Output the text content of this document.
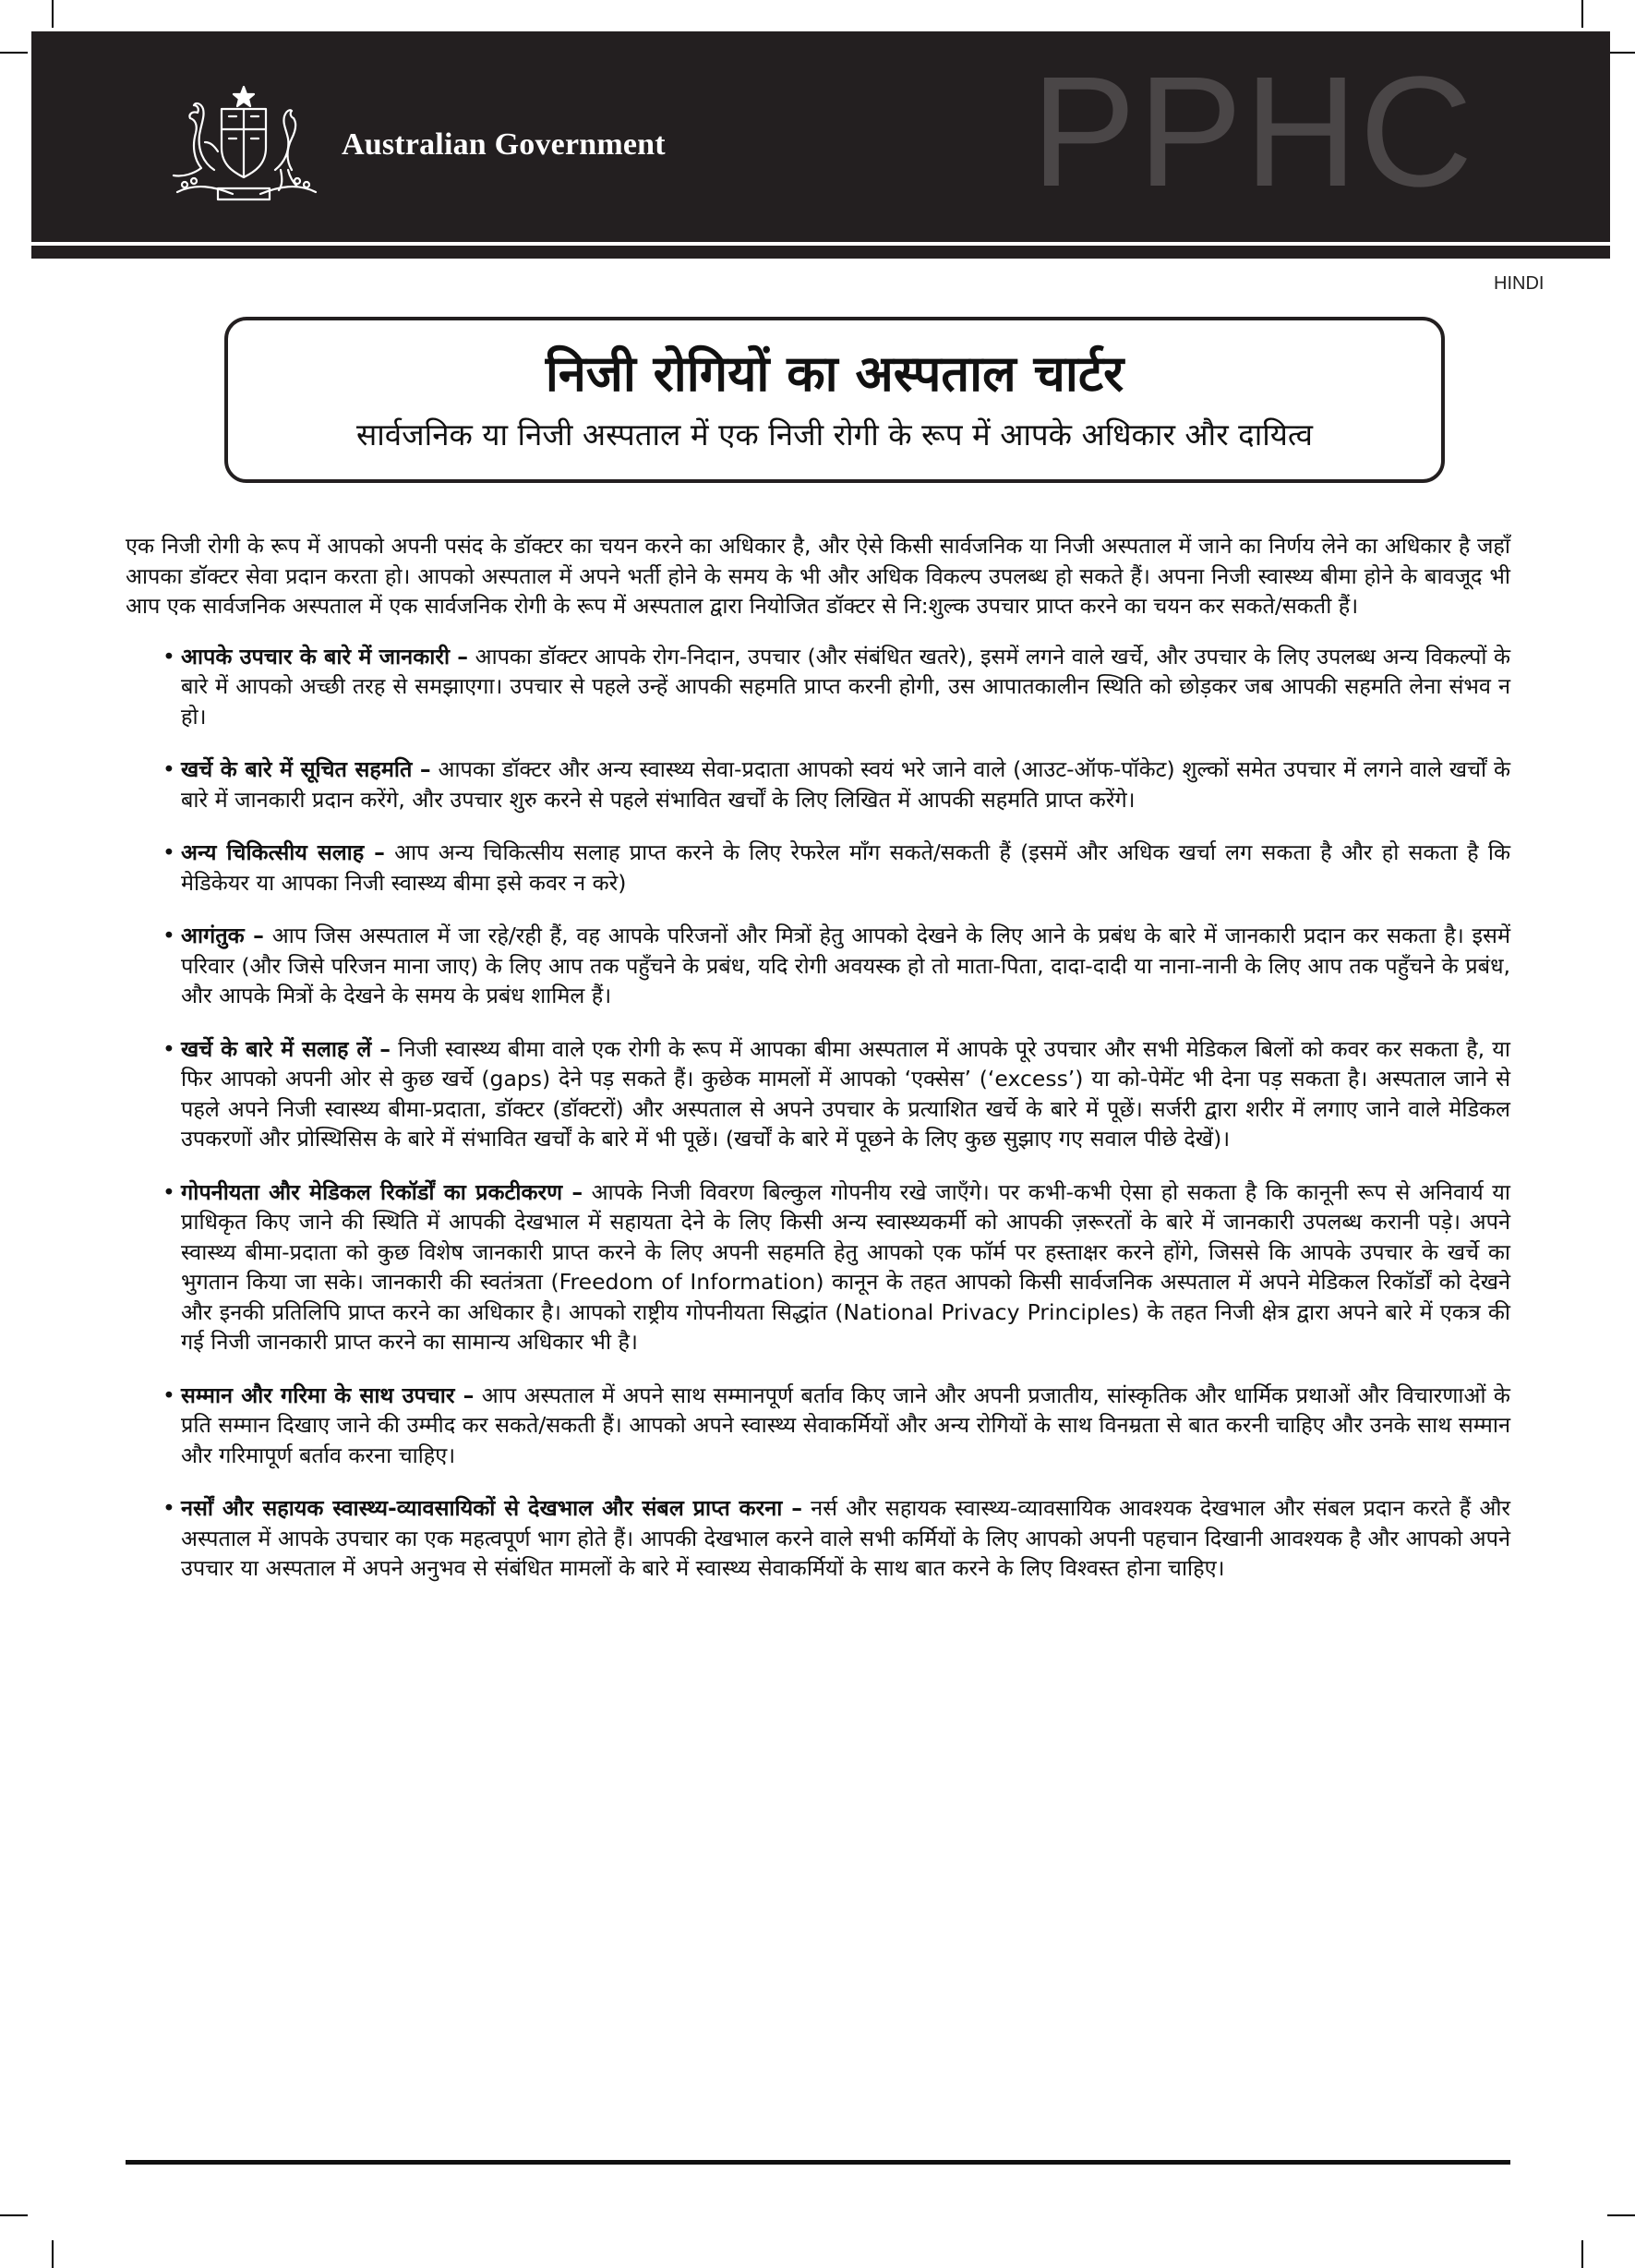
Australian Government PPHC
HINDI
निजी रोगियों का अस्पताल चार्टर
सार्वजनिक या निजी अस्पताल में एक निजी रोगी के रूप में आपके अधिकार और दायित्व

एक निजी रोगी के रूप में आपको अपनी पसंद के डॉक्टर का चयन करने का अधिकार है, और ऐसे किसी सार्वजनिक या निजी अस्पताल में जाने का निर्णय लेने का अधिकार है जहाँ आपका डॉक्टर सेवा प्रदान करता हो। आपको अस्पताल में अपने भर्ती होने के समय के भी और अधिक विकल्प उपलब्ध हो सकते हैं। अपना निजी स्वास्थ्य बीमा होने के बावजूद भी आप एक सार्वजनिक अस्पताल में एक सार्वजनिक रोगी के रूप में अस्पताल द्वारा नियोजित डॉक्टर से नि:शुल्क उपचार प्राप्त करने का चयन कर सकते/सकती हैं।

• आपके उपचार के बारे में जानकारी – आपका डॉक्टर आपके रोग-निदान, उपचार (और संबंधित खतरे), इसमें लगने वाले खर्चे, और उपचार के लिए उपलब्ध अन्य विकल्पों के बारे में आपको अच्छी तरह से समझाएगा। उपचार से पहले उन्हें आपकी सहमति प्राप्त करनी होगी, उस आपातकालीन स्थिति को छोड़कर जब आपकी सहमति लेना संभव न हो।
• खर्चे के बारे में सूचित सहमति – आपका डॉक्टर और अन्य स्वास्थ्य सेवा-प्रदाता आपको स्वयं भरे जाने वाले (आउट-ऑफ-पॉकेट) शुल्कों समेत उपचार में लगने वाले खर्चों के बारे में जानकारी प्रदान करेंगे, और उपचार शुरु करने से पहले संभावित खर्चों के लिए लिखित में आपकी सहमति प्राप्त करेंगे।
• अन्य चिकित्सीय सलाह – आप अन्य चिकित्सीय सलाह प्राप्त करने के लिए रेफरेल माँग सकते/सकती हैं (इसमें और अधिक खर्चा लग सकता है और हो सकता है कि मेडिकेयर या आपका निजी स्वास्थ्य बीमा इसे कवर न करे)
• आगंतुक – आप जिस अस्पताल में जा रहे/रही हैं, वह आपके परिजनों और मित्रों हेतु आपको देखने के लिए आने के प्रबंध के बारे में जानकारी प्रदान कर सकता है। इसमें परिवार (और जिसे परिजन माना जाए) के लिए आप तक पहुँचने के प्रबंध, यदि रोगी अवयस्क हो तो माता-पिता, दादा-दादी या नाना-नानी के लिए आप तक पहुँचने के प्रबंध, और आपके मित्रों के देखने के समय के प्रबंध शामिल हैं।
• खर्चे के बारे में सलाह लें – निजी स्वास्थ्य बीमा वाले एक रोगी के रूप में आपका बीमा अस्पताल में आपके पूरे उपचार और सभी मेडिकल बिलों को कवर कर सकता है, या फिर आपको अपनी ओर से कुछ खर्चे (gaps) देने पड़ सकते हैं। कुछेक मामलों में आपको ‘एक्सेस’ (‘excess’) या को-पेमेंट भी देना पड़ सकता है। अस्पताल जाने से पहले अपने निजी स्वास्थ्य बीमा-प्रदाता, डॉक्टर (डॉक्टरों) और अस्पताल से अपने उपचार के प्रत्याशित खर्चे के बारे में पूछें। सर्जरी द्वारा शरीर में लगाए जाने वाले मेडिकल उपकरणों और प्रोस्थिसिस के बारे में संभावित खर्चों के बारे में भी पूछें। (खर्चों के बारे में पूछने के लिए कुछ सुझाए गए सवाल पीछे देखें)।
• गोपनीयता और मेडिकल रिकॉर्डों का प्रकटीकरण – आपके निजी विवरण बिल्कुल गोपनीय रखे जाएँगे। पर कभी-कभी ऐसा हो सकता है कि कानूनी रूप से अनिवार्य या प्राधिकृत किए जाने की स्थिति में आपकी देखभाल में सहायता देने के लिए किसी अन्य स्वास्थ्यकर्मी को आपकी ज़रूरतों के बारे में जानकारी उपलब्ध करानी पड़े। अपने स्वास्थ्य बीमा-प्रदाता को कुछ विशेष जानकारी प्राप्त करने के लिए अपनी सहमति हेतु आपको एक फॉर्म पर हस्ताक्षर करने होंगे, जिससे कि आपके उपचार के खर्चे का भुगतान किया जा सके। जानकारी की स्वतंत्रता (Freedom of Information) कानून के तहत आपको किसी सार्वजनिक अस्पताल में अपने मेडिकल रिकॉर्डों को देखने और इनकी प्रतिलिपि प्राप्त करने का अधिकार है। आपको राष्ट्रीय गोपनीयता सिद्धांत (National Privacy Principles) के तहत निजी क्षेत्र द्वारा अपने बारे में एकत्र की गई निजी जानकारी प्राप्त करने का सामान्य अधिकार भी है।
• सम्मान और गरिमा के साथ उपचार – आप अस्पताल में अपने साथ सम्मानपूर्ण बर्ताव किए जाने और अपनी प्रजातीय, सांस्कृतिक और धार्मिक प्रथाओं और विचारणाओं के प्रति सम्मान दिखाए जाने की उम्मीद कर सकते/सकती हैं। आपको अपने स्वास्थ्य सेवाकर्मियों और अन्य रोगियों के साथ विनम्रता से बात करनी चाहिए और उनके साथ सम्मान और गरिमापूर्ण बर्ताव करना चाहिए।
• नर्सों और सहायक स्वास्थ्य-व्यावसायिकों से देखभाल और संबल प्राप्त करना – नर्स और सहायक स्वास्थ्य-व्यावसायिक आवश्यक देखभाल और संबल प्रदान करते हैं और अस्पताल में आपके उपचार का एक महत्वपूर्ण भाग होते हैं। आपकी देखभाल करने वाले सभी कर्मियों के लिए आपको अपनी पहचान दिखानी आवश्यक है और आपको अपने उपचार या अस्पताल में अपने अनुभव से संबंधित मामलों के बारे में स्वास्थ्य सेवाकर्मियों के साथ बात करने के लिए विश्वस्त होना चाहिए।
